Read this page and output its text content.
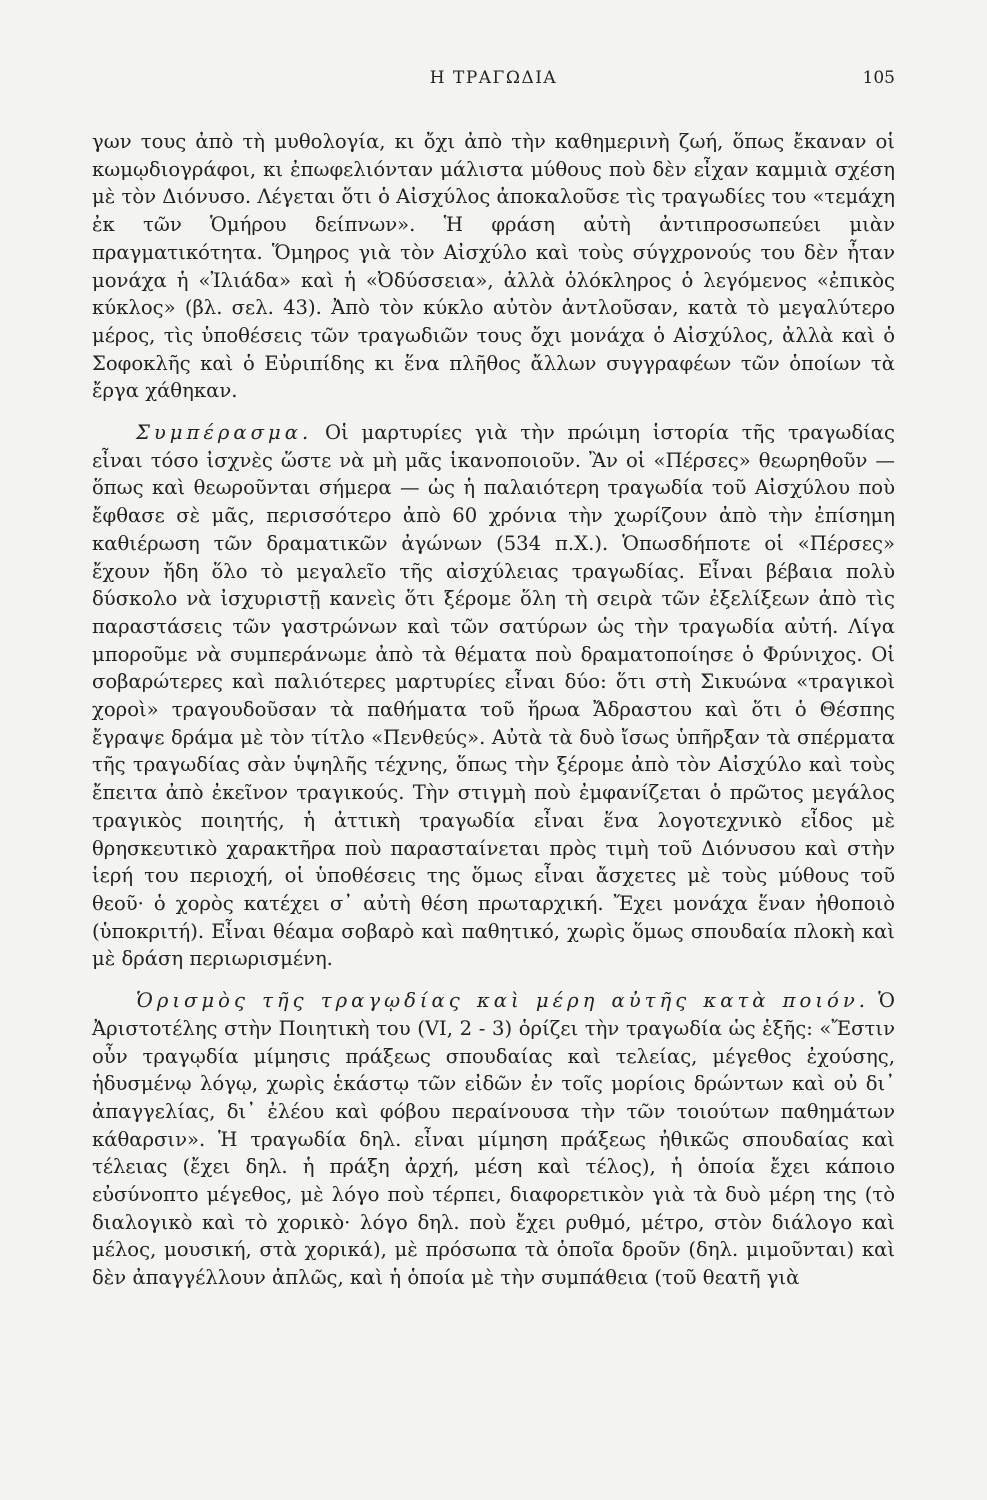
Η ΤΡΑΓΩΔΙΑ	105

γων τους ἀπὸ τὴ μυθολογία, κι ὄχι ἀπὸ τὴν καθημερινὴ ζωή, ὅπως ἔκαναν οἱ κωμῳδιογράφοι, κι ἐπωφελιόνταν μάλιστα μύθους ποὺ δὲν εἶχαν καμμιὰ σχέση μὲ τὸν Διόνυσο. Λέγεται ὅτι ὁ Αἰσχύλος ἀποκαλοῦσε τὶς τραγωδίες του «τεμάχη ἐκ τῶν Ὁμήρου δείπνων». Ἡ φράση αὐτὴ ἀντιπροσωπεύει μιὰν πραγματικότητα. Ὅμηρος γιὰ τὸν Αἰσχύλο καὶ τοὺς σύγχρονούς του δὲν ἦταν μονάχα ἡ «Ἰλιάδα» καὶ ἡ «Ὀδύσσεια», ἀλλὰ ὁλόκληρος ὁ λεγόμενος «ἐπικὸς κύκλος» (βλ. σελ. 43). Ἀπὸ τὸν κύκλο αὐτὸν ἀντλοῦσαν, κατὰ τὸ μεγαλύτερο μέρος, τὶς ὑποθέσεις τῶν τραγωδιῶν τους ὄχι μονάχα ὁ Αἰσχύλος, ἀλλὰ καὶ ὁ Σοφοκλῆς καὶ ὁ Εὐριπίδης κι ἕνα πλῆθος ἄλλων συγγραφέων τῶν ὁποίων τὰ ἔργα χάθηκαν.

Συμπέρασμα. Οἱ μαρτυρίες γιὰ τὴν πρώιμη ἱστορία τῆς τραγωδίας εἶναι τόσο ἰσχνὲς ὥστε νὰ μὴ μᾶς ἱκανοποιοῦν. Ἂν οἱ «Πέρσες» θεωρηθοῦν — ὅπως καὶ θεωροῦνται σήμερα — ὡς ἡ παλαιότερη τραγωδία τοῦ Αἰσχύλου ποὺ ἔφθασε σὲ μᾶς, περισσότερο ἀπὸ 60 χρόνια τὴν χωρίζουν ἀπὸ τὴν ἐπίσημη καθιέρωση τῶν δραματικῶν ἀγώνων (534 π.Χ.). Ὁπωσδήποτε οἱ «Πέρσες» ἔχουν ἤδη ὅλο τὸ μεγαλεῖο τῆς αἰσχύλειας τραγωδίας. Εἶναι βέβαια πολὺ δύσκολο νὰ ἰσχυριστῇ κανεὶς ὅτι ξέρομε ὅλη τὴ σειρὰ τῶν ἐξελίξεων ἀπὸ τὶς παραστάσεις τῶν γαστρώνων καὶ τῶν σατύρων ὡς τὴν τραγωδία αὐτή. Λίγα μποροῦμε νὰ συμπεράνωμε ἀπὸ τὰ θέματα ποὺ δραματοποίησε ὁ Φρύνιχος. Οἱ σοβαρώτερες καὶ παλιότερες μαρτυρίες εἶναι δύο: ὅτι στὴ Σικυώνα «τραγικοὶ χοροὶ» τραγουδοῦσαν τὰ παθήματα τοῦ ἥρωα Ἄδραστου καὶ ὅτι ὁ Θέσπης ἔγραψε δράμα μὲ τὸν τίτλο «Πενθεύς». Αὐτὰ τὰ δυὸ ἴσως ὑπῆρξαν τὰ σπέρματα τῆς τραγωδίας σὰν ὑψηλῆς τέχνης, ὅπως τὴν ξέρομε ἀπὸ τὸν Αἰσχύλο καὶ τοὺς ἔπειτα ἀπὸ ἐκεῖνον τραγικούς. Τὴν στιγμὴ ποὺ ἐμφανίζεται ὁ πρῶτος μεγάλος τραγικὸς ποιητής, ἡ ἀττικὴ τραγωδία εἶναι ἕνα λογοτεχνικὸ εἶδος μὲ θρησκευτικὸ χαρακτῆρα ποὺ παρασταίνεται πρὸς τιμὴ τοῦ Διόνυσου καὶ στὴν ἱερή του περιοχή, οἱ ὑποθέσεις της ὅμως εἶναι ἄσχετες μὲ τοὺς μύθους τοῦ θεοῦ· ὁ χορὸς κατέχει σ᾿ αὐτὴ θέση πρωταρχική. Ἔχει μονάχα ἕναν ἠθοποιὸ (ὑποκριτή). Εἶναι θέαμα σοβαρὸ καὶ παθητικό, χωρὶς ὅμως σπουδαία πλοκὴ καὶ μὲ δράση περιωρισμένη.

Ὁρισμὸς τῆς τραγῳδίας καὶ μέρη αὐτῆς κατὰ ποιόν. Ὁ Ἀριστοτέλης στὴν Ποιητικὴ του (VI, 2 - 3) ὁρίζει τὴν τραγωδία ὡς ἑξῆς: «Ἔστιν οὖν τραγῳδία μίμησις πράξεως σπουδαίας καὶ τελείας, μέγεθος ἐχούσης, ἡδυσμένῳ λόγῳ, χωρὶς ἑκάστῳ τῶν εἰδῶν ἐν τοῖς μορίοις δρώντων καὶ οὐ δι᾿ ἀπαγγελίας, δι᾿ ἐλέου καὶ φόβου περαίνουσα τὴν τῶν τοιούτων παθημάτων κάθαρσιν». Ἡ τραγωδία δηλ. εἶναι μίμηση πράξεως ἠθικῶς σπουδαίας καὶ τέλειας (ἔχει δηλ. ἡ πράξη ἀρχή, μέση καὶ τέλος), ἡ ὁποία ἔχει κάποιο εὐσύνοπτο μέγεθος, μὲ λόγο ποὺ τέρπει, διαφορετικὸν γιὰ τὰ δυὸ μέρη της (τὸ διαλογικὸ καὶ τὸ χορικὸ· λόγο δηλ. ποὺ ἔχει ρυθμό, μέτρο, στὸν διάλογο καὶ μέλος, μουσική, στὰ χορικά), μὲ πρόσωπα τὰ ὁποῖα δροῦν (δηλ. μιμοῦνται) καὶ δὲν ἀπαγγέλλουν ἁπλῶς, καὶ ἡ ὁποία μὲ τὴν συμπάθεια (τοῦ θεατῆ γιὰ
